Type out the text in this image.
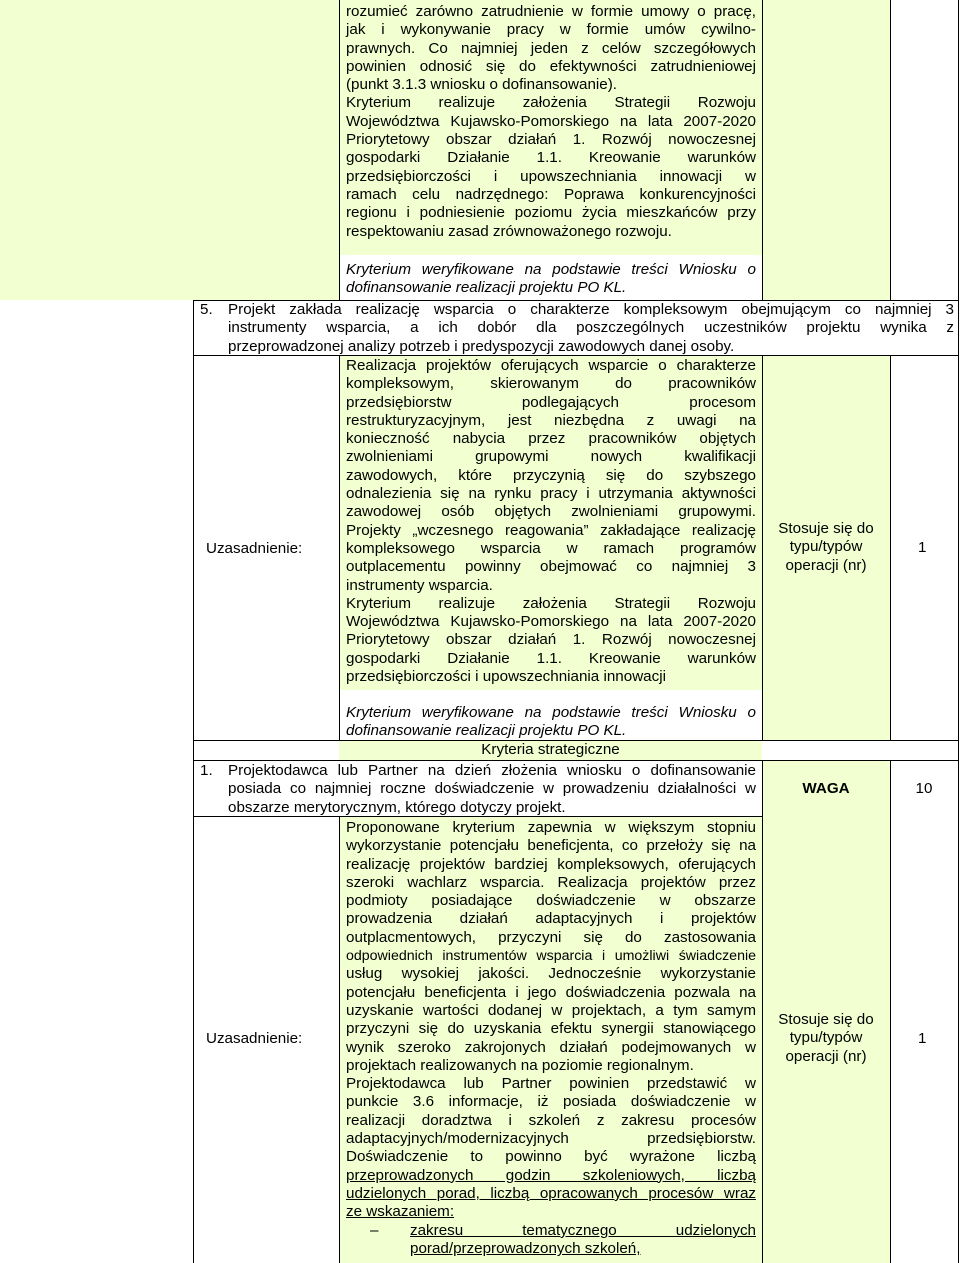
rozumieć zarówno zatrudnienie w formie umowy o pracę,
jak i wykonywanie pracy w formie umów cywilno-
prawnych. Co najmniej jeden z celów szczegółowych
powinien odnosić się do efektywności zatrudnieniowej
(punkt 3.1.3 wniosku o dofinansowanie).
Kryterium realizuje założenia Strategii Rozwoju
Województwa Kujawsko-Pomorskiego na lata 2007-2020
Priorytetowy obszar działań 1. Rozwój nowoczesnej
gospodarki Działanie 1.1. Kreowanie warunków
przedsiębiorczości i upowszechniania innowacji w
ramach celu nadrzędnego: Poprawa konkurencyjności
regionu i podniesienie poziomu życia mieszkańców przy
respektowaniu zasad zrównoważonego rozwoju.
Kryterium weryfikowane na podstawie treści Wniosku o
dofinansowanie realizacji projektu PO KL.
5. Projekt zakłada realizację wsparcia o charakterze kompleksowym obejmującym co najmniej 3
instrumenty wsparcia, a ich dobór dla poszczególnych uczestników projektu wynika z
przeprowadzonej analizy potrzeb i predyspozycji zawodowych danej osoby.
Uzasadnienie:
Realizacja projektów oferujących wsparcie o charakterze
kompleksowym, skierowanym do pracowników
przedsiębiorstw podlegających procesom
restrukturyzacyjnym, jest niezbędna z uwagi na
konieczność nabycia przez pracowników objętych
zwolnieniami grupowymi nowych kwalifikacji
zawodowych, które przyczynią się do szybszego
odnalezienia się na rynku pracy i utrzymania aktywności
zawodowej osób objętych zwolnieniami grupowymi.
Projekty „wczesnego reagowania” zakładające realizację
kompleksowego wsparcia w ramach programów
outplacementu powinny obejmować co najmniej 3
instrumenty wsparcia.
Kryterium realizuje założenia Strategii Rozwoju
Województwa Kujawsko-Pomorskiego na lata 2007-2020
Priorytetowy obszar działań 1. Rozwój nowoczesnej
gospodarki Działanie 1.1. Kreowanie warunków
przedsiębiorczości i upowszechniania innowacji
Stosuje się do
typu/typów
operacji (nr)
1
Kryterium weryfikowane na podstawie treści Wniosku o
dofinansowanie realizacji projektu PO KL.
Kryteria strategiczne
1. Projektodawca lub Partner na dzień złożenia wniosku o dofinansowanie
posiada co najmniej roczne doświadczenie w prowadzeniu działalności w
obszarze merytorycznym, którego dotyczy projekt.
WAGA	10
Uzasadnienie:
Proponowane kryterium zapewnia w większym stopniu
wykorzystanie potencjału beneficjenta, co przełoży się na
realizację projektów bardziej kompleksowych, oferujących
szeroki wachlarz wsparcia. Realizacja projektów przez
podmioty posiadające doświadczenie w obszarze
prowadzenia działań adaptacyjnych i projektów
outplacmentowych, przyczyni się do zastosowania
odpowiednich instrumentów wsparcia i umożliwi świadczenie
usług wysokiej jakości. Jednocześnie wykorzystanie
potencjału beneficjenta i jego doświadczenia pozwala na
uzyskanie wartości dodanej w projektach, a tym samym
przyczyni się do uzyskania efektu synergii stanowiącego
wynik szeroko zakrojonych działań podejmowanych w
projektach realizowanych na poziomie regionalnym.
Projektodawca lub Partner powinien przedstawić w
punkcie 3.6 informacje, iż posiada doświadczenie w
realizacji doradztwa i szkoleń z zakresu procesów
adaptacyjnych/modernizacyjnych przedsiębiorstw.
Doświadczenie to powinno być wyrażone liczbą
przeprowadzonych godzin szkoleniowych, liczbą
udzielonych porad, liczbą opracowanych procesów wraz
ze wskazaniem:
– zakresu tematycznego udzielonych
porad/przeprowadzonych szkoleń,
Stosuje się do
typu/typów
operacji (nr)
1
